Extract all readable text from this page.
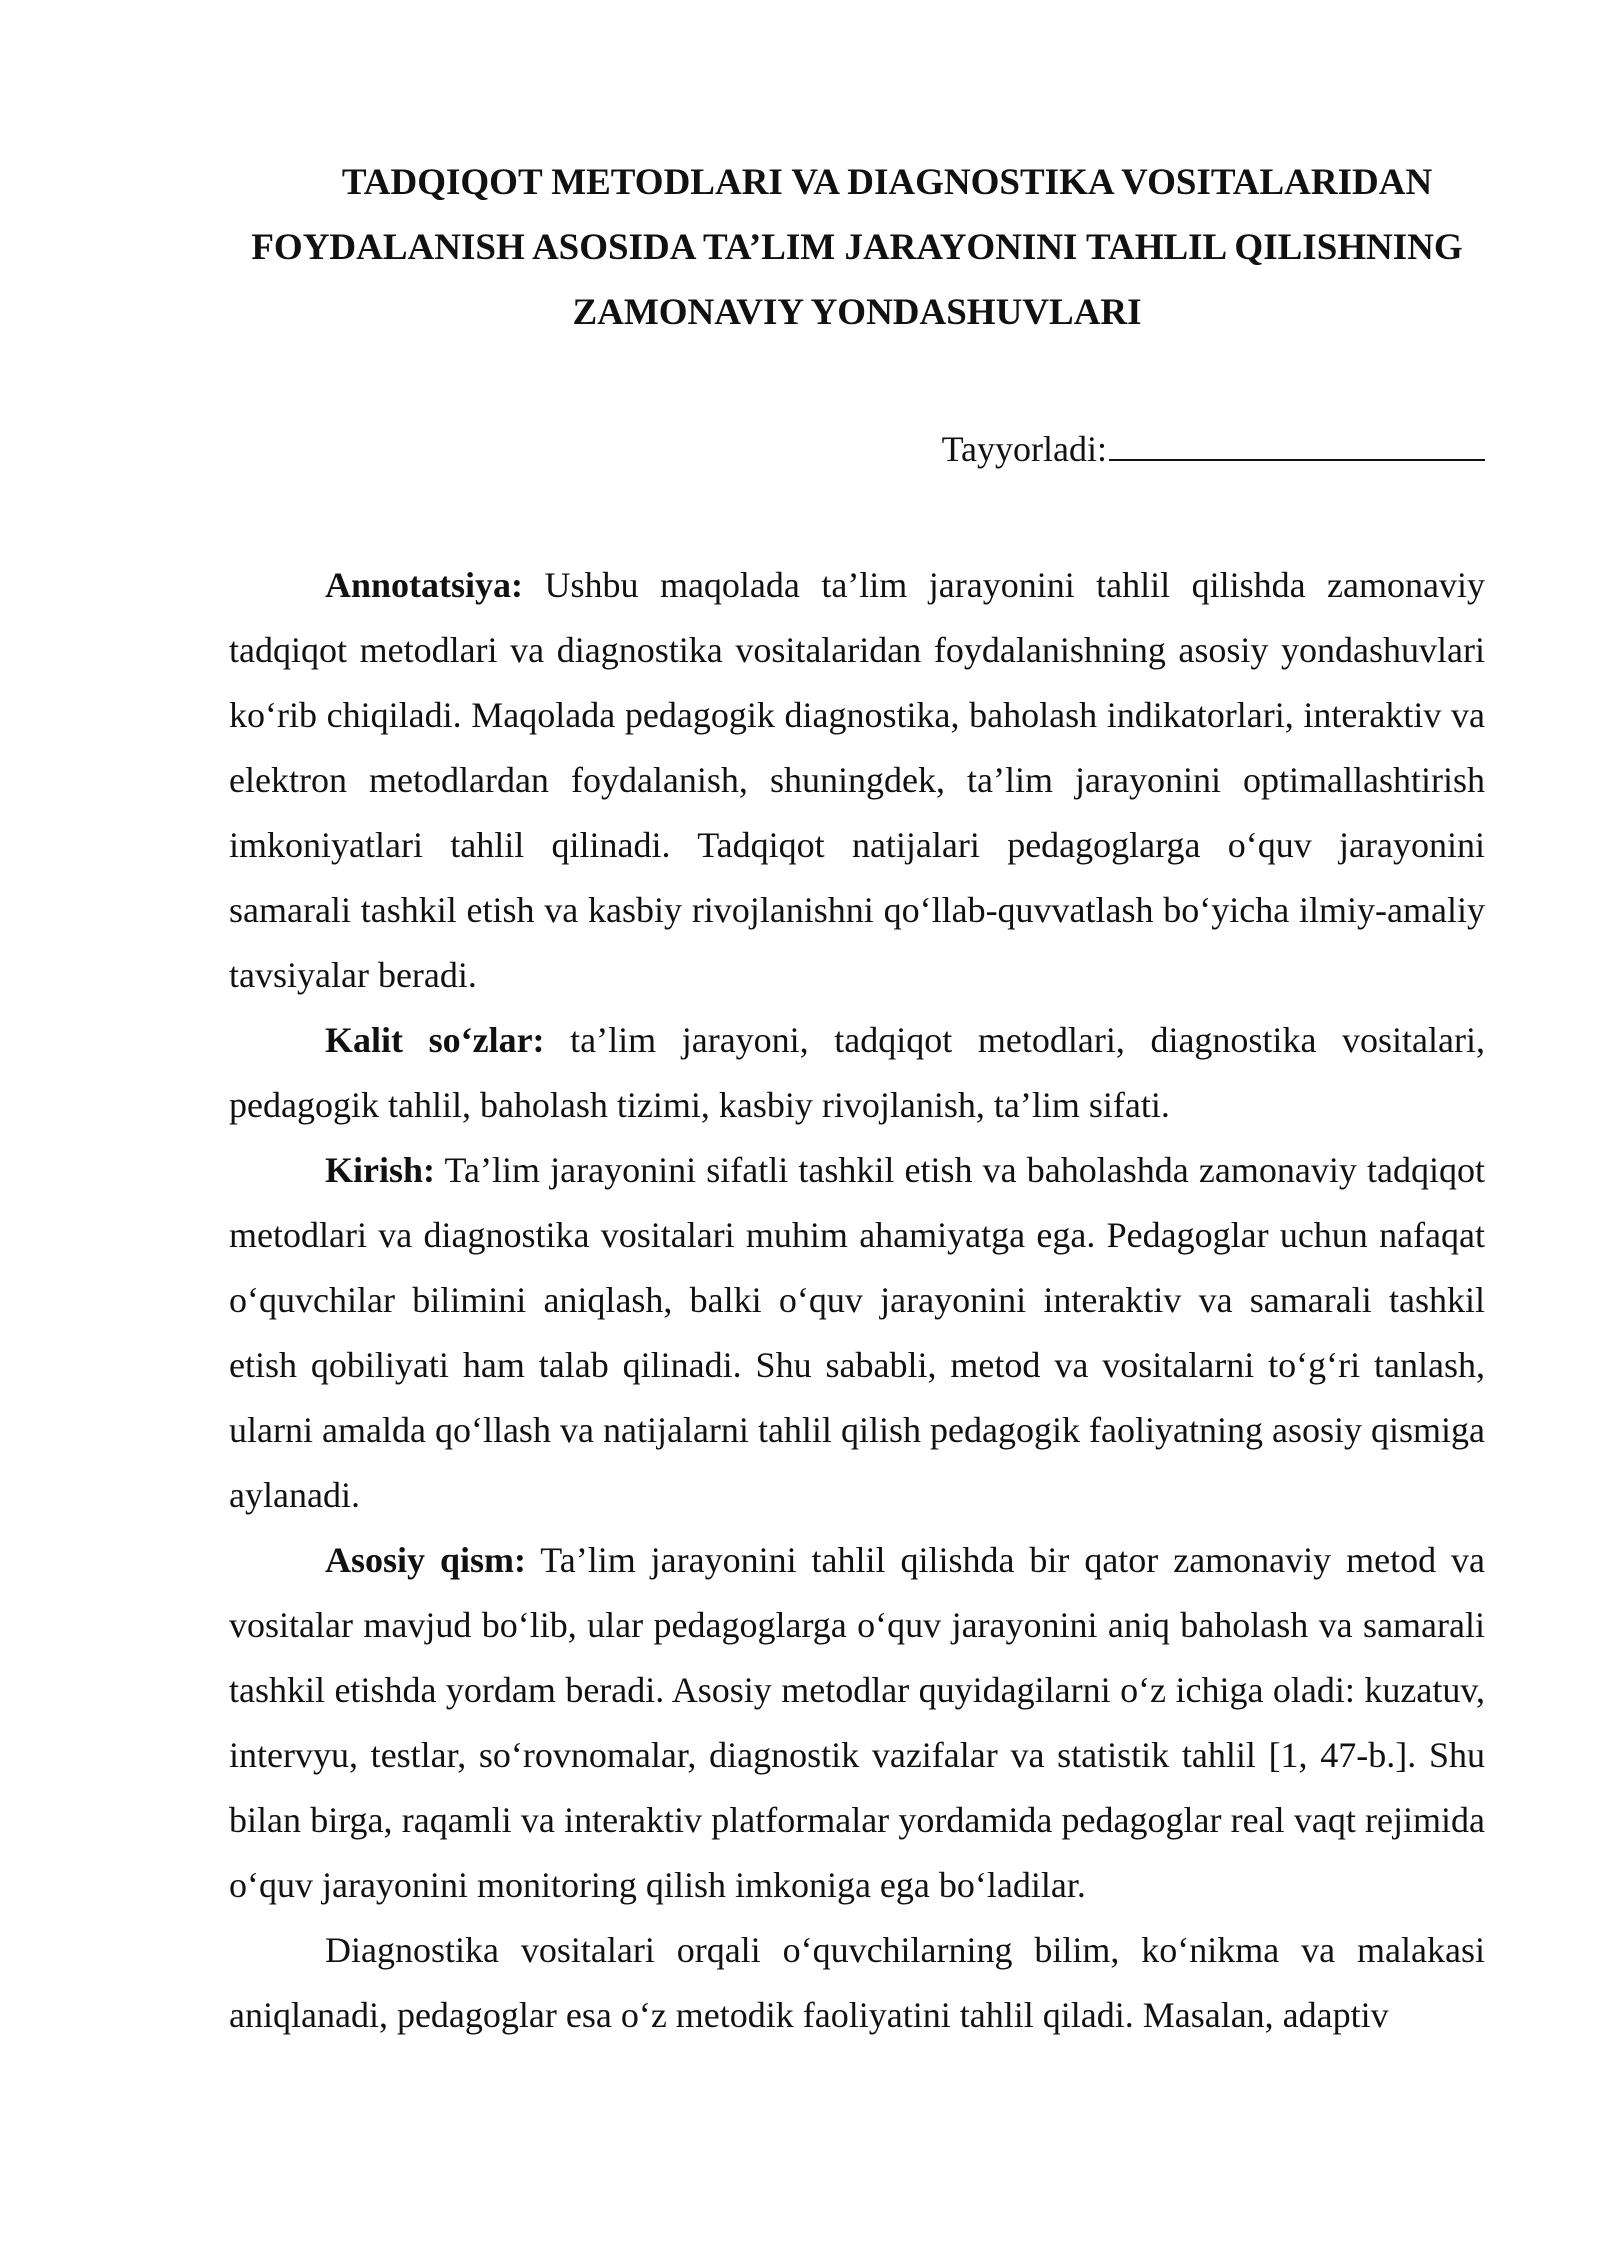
TADQIQOT METODLARI VA DIAGNOSTIKA VOSITALARIDAN
FOYDALANISH ASOSIDA TA’LIM JARAYONINI TAHLIL QILISHNING
ZAMONAVIY YONDASHUVLARI
Tayyorladi:

Annotatsiya: Ushbu maqolada ta’lim jarayonini tahlil qilishda zamonaviy tadqiqot metodlari va diagnostika vositalaridan foydalanishning asosiy yondashuvlari ko‘rib chiqiladi. Maqolada pedagogik diagnostika, baholash indikatorlari, interaktiv va elektron metodlardan foydalanish, shuningdek, ta’lim jarayonini optimallashtirish imkoniyatlari tahlil qilinadi. Tadqiqot natijalari pedagoglarga o‘quv jarayonini samarali tashkil etish va kasbiy rivojlanishni qo‘llab-quvvatlash bo‘yicha ilmiy-amaliy tavsiyalar beradi.

Kalit so‘zlar: ta’lim jarayoni, tadqiqot metodlari, diagnostika vositalari, pedagogik tahlil, baholash tizimi, kasbiy rivojlanish, ta’lim sifati.

Kirish: Ta’lim jarayonini sifatli tashkil etish va baholashda zamonaviy tadqiqot metodlari va diagnostika vositalari muhim ahamiyatga ega. Pedagoglar uchun nafaqat o‘quvchilar bilimini aniqlash, balki o‘quv jarayonini interaktiv va samarali tashkil etish qobiliyati ham talab qilinadi. Shu sababli, metod va vositalarni to‘g‘ri tanlash, ularni amalda qo‘llash va natijalarni tahlil qilish pedagogik faoliyatning asosiy qismiga aylanadi.

Asosiy qism: Ta’lim jarayonini tahlil qilishda bir qator zamonaviy metod va vositalar mavjud bo‘lib, ular pedagoglarga o‘quv jarayonini aniq baholash va samarali tashkil etishda yordam beradi. Asosiy metodlar quyidagilarni o‘z ichiga oladi: kuzatuv, intervyu, testlar, so‘rovnomalar, diagnostik vazifalar va statistik tahlil [1, 47-b.]. Shu bilan birga, raqamli va interaktiv platformalar yordamida pedagoglar real vaqt rejimida o‘quv jarayonini monitoring qilish imkoniga ega bo‘ladilar.

Diagnostika vositalari orqali o‘quvchilarning bilim, ko‘nikma va malakasi aniqlanadi, pedagoglar esa o‘z metodik faoliyatini tahlil qiladi. Masalan, adaptiv
